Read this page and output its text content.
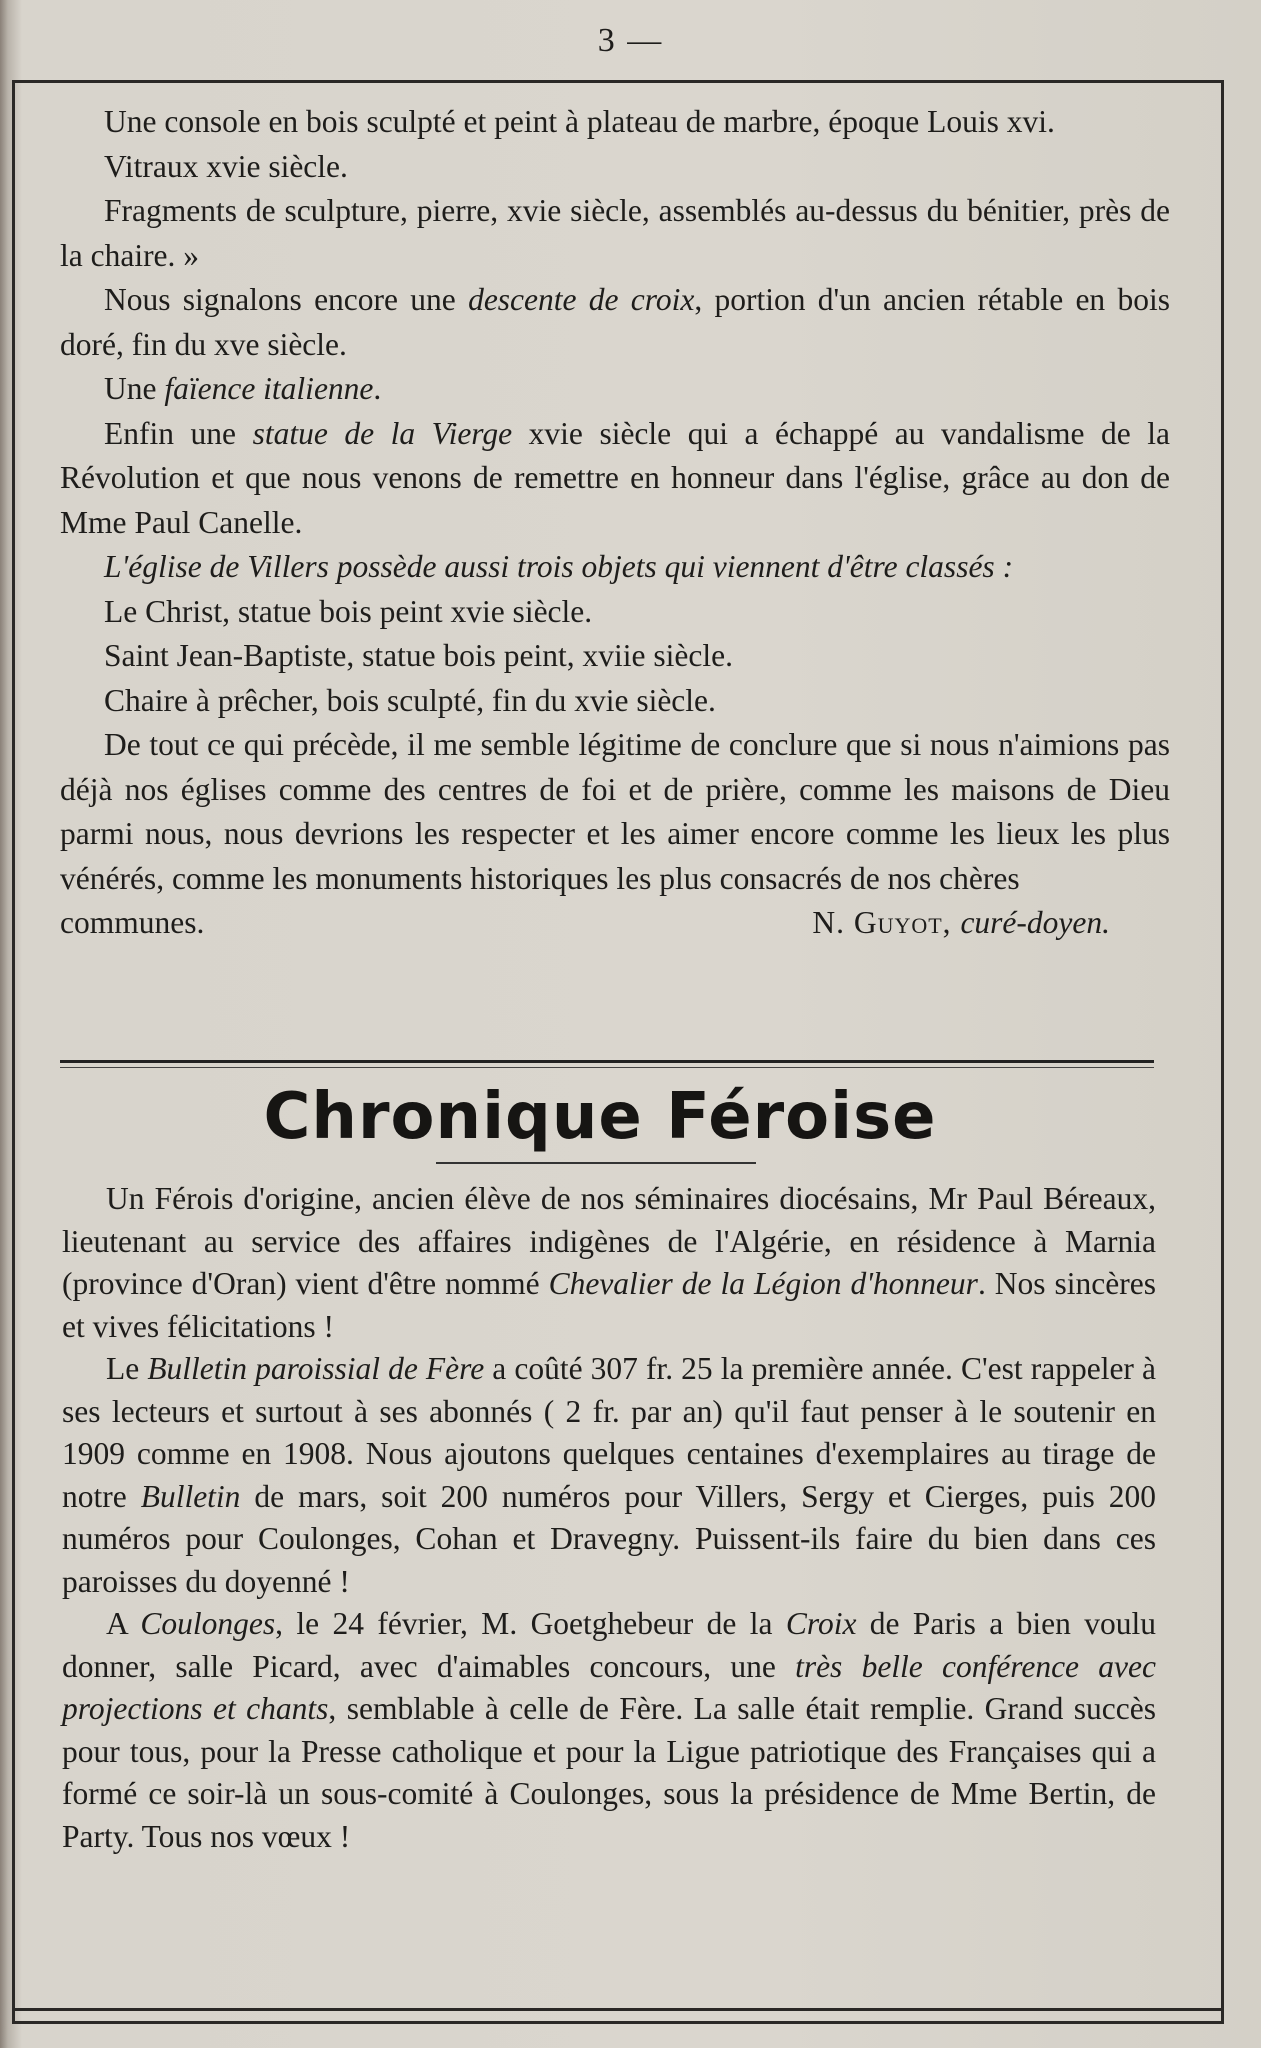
3 —

Une console en bois sculpté et peint à plateau de marbre, époque Louis xvi.

Vitraux xvie siècle.

Fragments de sculpture, pierre, xvie siècle, assemblés au-dessus du bénitier, près de la chaire. »

Nous signalons encore une descente de croix, portion d'un ancien rétable en bois doré, fin du xve siècle.

Une faïence italienne.

Enfin une statue de la Vierge xvie siècle qui a échappé au vandalisme de la Révolution et que nous venons de remettre en honneur dans l'église, grâce au don de Mme Paul Canelle.

L'église de Villers possède aussi trois objets qui viennent d'être classés :

Le Christ, statue bois peint xvie siècle.

Saint Jean-Baptiste, statue bois peint, xviie siècle.

Chaire à prêcher, bois sculpté, fin du xvie siècle.

De tout ce qui précède, il me semble légitime de conclure que si nous n'aimions pas déjà nos églises comme des centres de foi et de prière, comme les maisons de Dieu parmi nous, nous devrions les respecter et les aimer encore comme les lieux les plus vénérés, comme les monuments historiques les plus consacrés de nos chères

communes.	N. Guyot, curé-doyen.

Chronique Féroise

Un Férois d'origine, ancien élève de nos séminaires diocésains, Mr Paul Béreaux, lieutenant au service des affaires indigènes de l'Algérie, en résidence à Marnia (province d'Oran) vient d'être nommé Chevalier de la Légion d'honneur. Nos sincères et vives félicitations !

Le Bulletin paroissial de Fère a coûté 307 fr. 25 la première année. C'est rappeler à ses lecteurs et surtout à ses abonnés ( 2 fr. par an) qu'il faut penser à le soutenir en 1909 comme en 1908. Nous ajoutons quelques centaines d'exemplaires au tirage de notre Bulletin de mars, soit 200 numéros pour Villers, Sergy et Cierges, puis 200 numéros pour Coulonges, Cohan et Dravegny. Puissent-ils faire du bien dans ces paroisses du doyenné !

A Coulonges, le 24 février, M. Goetghebeur de la Croix de Paris a bien voulu donner, salle Picard, avec d'aimables concours, une très belle conférence avec projections et chants, semblable à celle de Fère. La salle était remplie. Grand succès pour tous, pour la Presse catholique et pour la Ligue patriotique des Françaises qui a formé ce soir-là un sous-comité à Coulonges, sous la présidence de Mme Bertin, de Party. Tous nos vœux !
